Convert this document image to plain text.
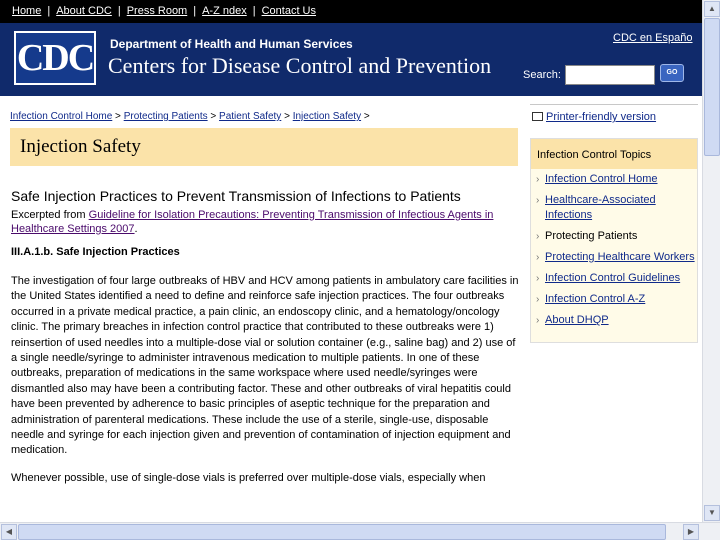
Home | About CDC | Press Room | A-Z ndex | Contact Us
CDC Department of Health and Human Services
Centers for Disease Control and Prevention
CDC en Españo
Search:	GO
Infection Control Home > Protecting Patients > Patient Safety > Injection Safety >
Injection Safety
Safe Injection Practices to Prevent Transmission of Infections to Patients
Excerpted from Guideline for Isolation Precautions: Preventing Transmission of Infectious Agents in Healthcare Settings 2007.
III.A.1.b. Safe Injection Practices

The investigation of four large outbreaks of HBV and HCV among patients in ambulatory care facilities in the United States identified a need to define and reinforce safe injection practices. The four outbreaks occurred in a private medical practice, a pain clinic, an endoscopy clinic, and a hematology/oncology clinic. The primary breaches in infection control practice that contributed to these outbreaks were 1) reinsertion of used needles into a multiple-dose vial or solution container (e.g., saline bag) and 2) use of a single needle/syringe to administer intravenous medication to multiple patients. In one of these outbreaks, preparation of medications in the same workspace where used needle/syringes were dismantled also may have been a contributing factor. These and other outbreaks of viral hepatitis could have been prevented by adherence to basic principles of aseptic technique for the preparation and administration of parenteral medications. These include the use of a sterile, single-use, disposable needle and syringe for each injection given and prevention of contamination of injection equipment and medication.

Whenever possible, use of single-dose vials is preferred over multiple-dose vials, especially when

Printer-friendly version
Infection Control Topics
› Infection Control Home
› Healthcare-Associated Infections
› Protecting Patients
› Protecting Healthcare Workers
› Infection Control Guidelines
› Infection Control A-Z
› About DHQP
▲
▼
◀	▶
